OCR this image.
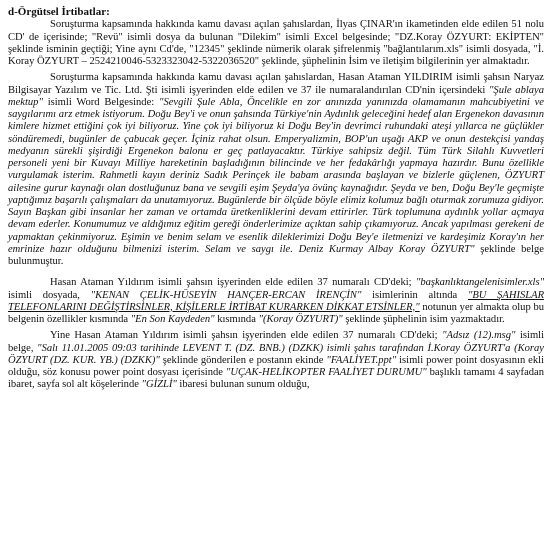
d-Örgütsel İrtibatlar:

Soruşturma kapsamında hakkında kamu davası açılan şahıslardan, İlyas ÇINAR'ın ikametinden elde edilen 51 nolu CD' de içerisinde; "Revü" isimli dosya da bulunan "Dilekim" isimli Excel belgesinde; "DZ.Koray ÖZYURT: EKİPTEN" şeklinde isminin geçtiği; Yine aynı Cd'de, "12345" şeklinde nümerik olarak şifrelenmiş "bağlantılarım.xls" isimli dosyada, "İ. Koray ÖZYURT – 2524210046-5323323042-5322036520" şeklinde, şüphelinin İsim ve iletişim bilgilerinin yer almaktadır.

Soruşturma kapsamında hakkında kamu davası açılan şahıslardan, Hasan Ataman YILDIRIM isimli şahsın Naryaz Bilgisayar Yazılım ve Tic. Ltd. Şti isimli işyerinden elde edilen ve 37 ile numaralandırılan CD'nin içersindeki "Şule ablaya mektup" isimli Word Belgesinde: "Sevgili Şule Abla, Öncelikle en zor anınızda yanınızda olamamanın mahcubiyetini ve saygılarımı arz etmek istiyorum. Doğu Bey'i ve onun şahsında Türkiye'nin Aydınlık geleceğini hedef alan Ergenekon davasının kimlere hizmet ettiğini çok iyi biliyoruz. Yine çok iyi biliyoruz ki Doğu Bey'in devrimci ruhundaki ateşi yıllarca ne güçlükler söndüremedi, bugünler de çabucak geçer. İçiniz rahat olsun. Emperyalizmin, BOP'un uşağı AKP ve onun destekçisi yandaş medyanın sürekli şişirdiği Ergenekon balonu er geç patlayacaktır. Türkiye sahipsiz değil. Tüm Türk Silahlı Kuvvetleri personeli yeni bir Kuvayı Milliye hareketinin başladığının bilincinde ve her fedakârlığı yapmaya hazırdır. Bunu özellikle vurgulamak isterim. Rahmetli kayın deriniz Sadık Perinçek ile babam arasında başlayan ve bizlerle güçlenen, ÖZYURT ailesine gurur kaynağı olan dostluğunuz bana ve sevgili eşim Şeyda'ya övünç kaynağıdır. Şeyda ve ben, Doğu Bey'le geçmişte yaptığımız başarılı çalışmaları da unutamıyoruz. Bugünlerde bir ölçüde böyle elimiz kolumuz bağlı oturmak zorumuza gidiyor. Sayın Başkan gibi insanlar her zaman ve ortamda üretkenliklerini devam ettirirler. Türk toplumuna aydınlık yollar açmaya devam ederler. Konumumuz ve aldığımız eğitim gereği önderlerimize açıktan sahip çıkamıyoruz. Ancak yapılması gerekeni de yapmaktan çekinmiyoruz. Eşimin ve benim selam ve esenlik dileklerimizi Doğu Bey'e iletmenizi ve kardeşimiz Koray'ın her emrinize hazır olduğunu bilmenizi isterim. Selam ve saygı ile. Deniz Kurmay Albay Koray ÖZYURT" şeklinde belge bulunmuştur.

Hasan Ataman Yıldırım isimli şahsın işyerinden elde edilen 37 numaralı CD'deki; "başkanlıktangelenisimler.xls" isimli dosyada, "KENAN ÇELİK-HÜSEYİN HANÇER-ERCAN İRENÇİN" isimlerinin altında "BU ŞAHISLAR TELEFONLARINI DEĞİŞTİRSİNLER, KİŞİLERLE İRTİBAT KURARKEN DİKKAT ETSİNLER," notunun yer almakta olup bu belgenin özellikler kısmında "En Son Kaydeden" kısmında "(Koray ÖZYURT)" şeklinde şüphelinin isim yazmaktadır.

Yine Hasan Ataman Yıldırım isimli şahsın işyerinden elde edilen 37 numaralı CD'deki; "Adsız (12).msg" isimli belge, "Salı 11.01.2005 09:03 tarihinde LEVENT T. (DZ. BNB.) (DZKK) isimli şahıs tarafından İ.Koray ÖZYURT'a (Koray ÖZYURT (DZ. KUR. YB.) (DZKK)" şeklinde gönderilen e postanın ekinde "FAALİYET.ppt" isimli power point dosyasının ekli olduğu, söz konusu power point dosyası içerisinde "UÇAK-HELİKOPTER FAALİYET DURUMU" başlıklı tamamı 4 sayfadan ibaret, sayfa sol alt köşelerinde "GİZLİ" ibaresi bulunan sunum olduğu,
